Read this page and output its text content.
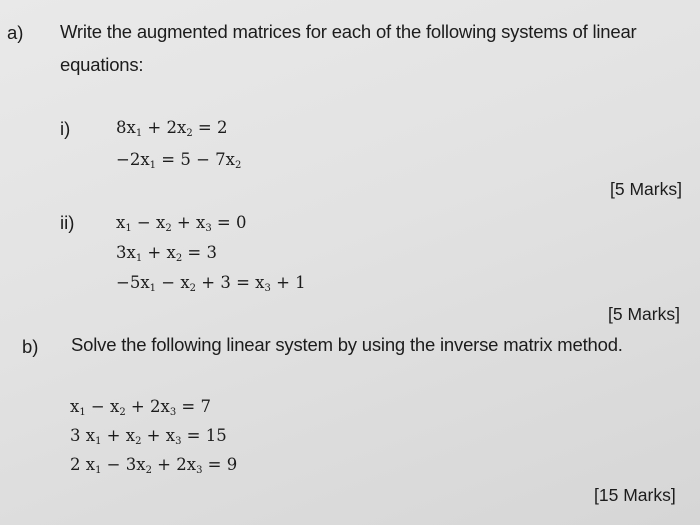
a) Write the augmented matrices for each of the following systems of linear
equations:
i)	$8x_1 + 2x_2 = 2$
$-2x_1 = 5 - 7x_2$
[5 Marks]
ii)	$x_1 - x_2 + x_3 = 0$
$3x_1 + x_2 = 3$
$-5x_1 - x_2 + 3 = x_3 + 1$
[5 Marks]
b) Solve the following linear system by using the inverse matrix method.
$x_1 - x_2 + 2x_3 = 7$
3 $x_1 + x_2 + x_3 = 15$
2 $x_1 - 3x_2 + 2x_3 = 9$
[15 Marks]
